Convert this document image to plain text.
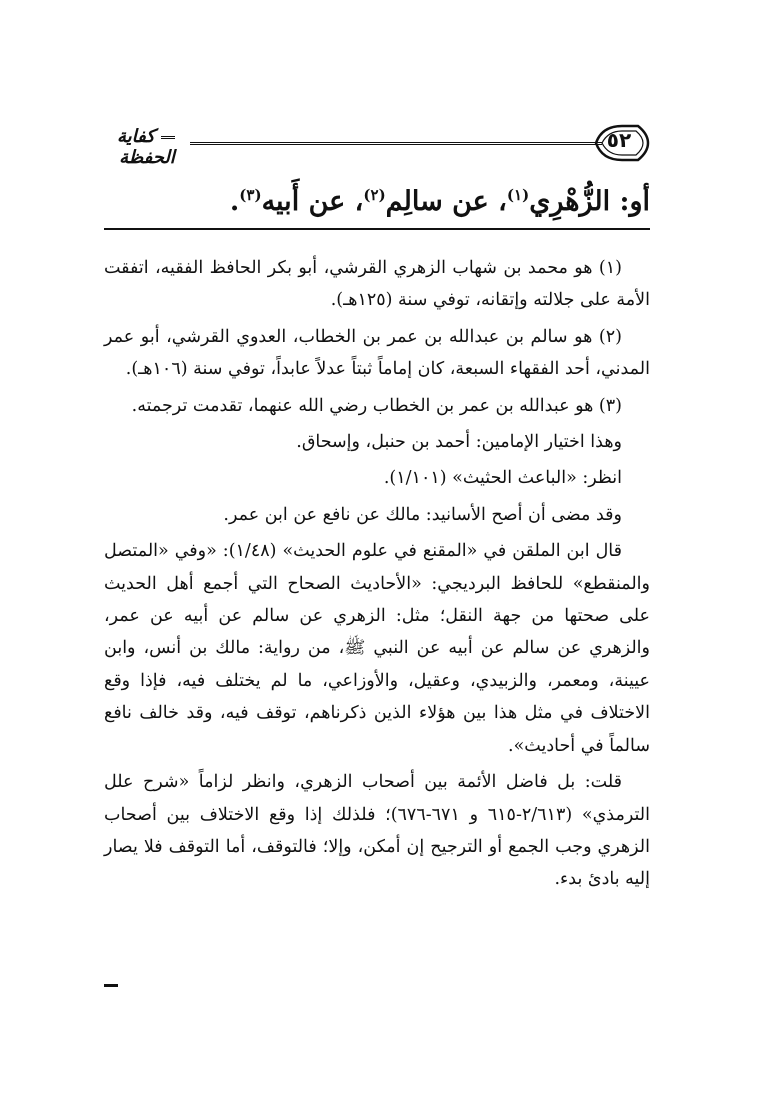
٥٢
كفاية الحفظة
أو: الزُّهْرِي$^{(١)}$، عن سالِم$^{(٢)}$، عن أَبيه$^{(٣)}$.

(١) هو محمد بن شهاب الزهري القرشي، أبو بكر الحافظ الفقيه، اتفقت الأمة على جلالته وإتقانه، توفي سنة (١٢٥هـ).

(٢) هو سالم بن عبدالله بن عمر بن الخطاب، العدوي القرشي، أبو عمر المدني، أحد الفقهاء السبعة، كان إماماً ثبتاً عدلاً عابداً، توفي سنة (١٠٦هـ).

(٣) هو عبدالله بن عمر بن الخطاب رضي الله عنهما، تقدمت ترجمته.

وهذا اختيار الإمامين: أحمد بن حنبل، وإسحاق.

انظر: «الباعث الحثيث» (١/١٠١).

وقد مضى أن أصح الأسانيد: مالك عن نافع عن ابن عمر.

قال ابن الملقن في «المقنع في علوم الحديث» (١/٤٨): «وفي «المتصل والمنقطع» للحافظ البرديجي: «الأحاديث الصحاح التي أجمع أهل الحديث على صحتها من جهة النقل؛ مثل: الزهري عن سالم عن أبيه عن عمر، والزهري عن سالم عن أبيه عن النبي ﷺ، من رواية: مالك بن أنس، وابن عيينة، ومعمر، والزبيدي، وعقيل، والأوزاعي، ما لم يختلف فيه، فإذا وقع الاختلاف في مثل هذا بين هؤلاء الذين ذكرناهم، توقف فيه، وقد خالف نافع سالماً في أحاديث».

قلت: بل فاضل الأئمة بين أصحاب الزهري، وانظر لزاماً «شرح علل الترمذي» (٢/٦١٣-٦١٥ و ٦٧١-٦٧٦)؛ فلذلك إذا وقع الاختلاف بين أصحاب الزهري وجب الجمع أو الترجيح إن أمكن، وإلا؛ فالتوقف، أما التوقف فلا يصار إليه بادئ بدء.
